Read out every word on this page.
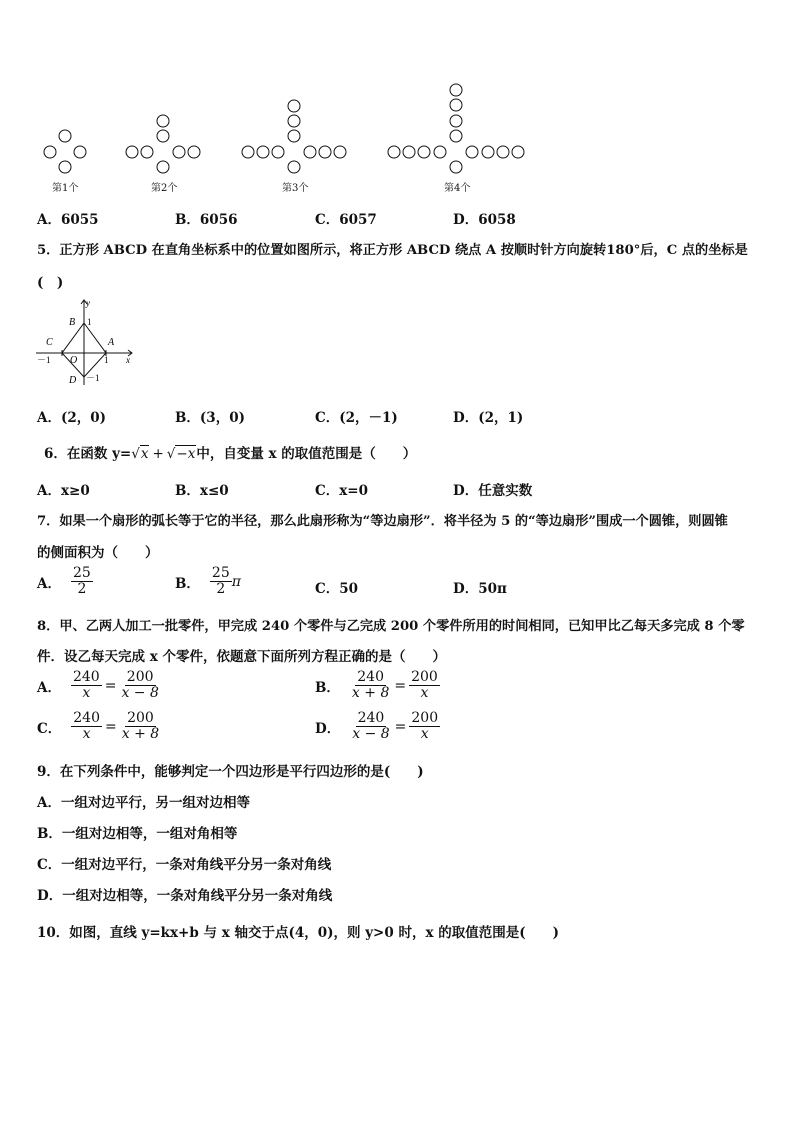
第1个	第2个	第3个	第4个
A．6055	B．6056	C．6057	D．6058
5．正方形 ABCD 在直角坐标系中的位置如图所示，将正方形 ABCD 绕点 A 按顺时针方向旋转180°后，C 点的坐标是
(　)
y
x
B 1
C	A
－1 O	1
D －1
A．(2，0)	B．(3，0)	C．(2，－1)	D．(2，1)
6．在函数 y=√x + √−x中，自变量 x 的取值范围是（　　）
A．x≥0	B．x≤0	C．x=0	D．任意实数
7．如果一个扇形的弧长等于它的半径，那么此扇形称为“等边扇形”．将半径为 5 的“等边扇形”围成一个圆锥，则圆锥
的侧面积为（　　）
A． $\frac{25}{2}$	B． $\frac{25}{2}$ π	C．50	D．50π
8．甲、乙两人加工一批零件，甲完成 240 个零件与乙完成 200 个零件所用的时间相同，已知甲比乙每天多完成 8 个零
件．设乙每天完成 x 个零件，依题意下面所列方程正确的是（　　）
A． $\frac{240}{x} = \frac{200}{x - 8}$	B． $\frac{240}{x + 8} = \frac{200}{x}$
C． $\frac{240}{x} = \frac{200}{x + 8}$	D． $\frac{240}{x - 8} = \frac{200}{x}$
9．在下列条件中，能够判定一个四边形是平行四边形的是(　　)
A．一组对边平行，另一组对边相等
B．一组对边相等，一组对角相等
C．一组对边平行，一条对角线平分另一条对角线
D．一组对边相等，一条对角线平分另一条对角线
10．如图，直线 y=kx+b 与 x 轴交于点(4，0)，则 y>0 时，x 的取值范围是(　　)
